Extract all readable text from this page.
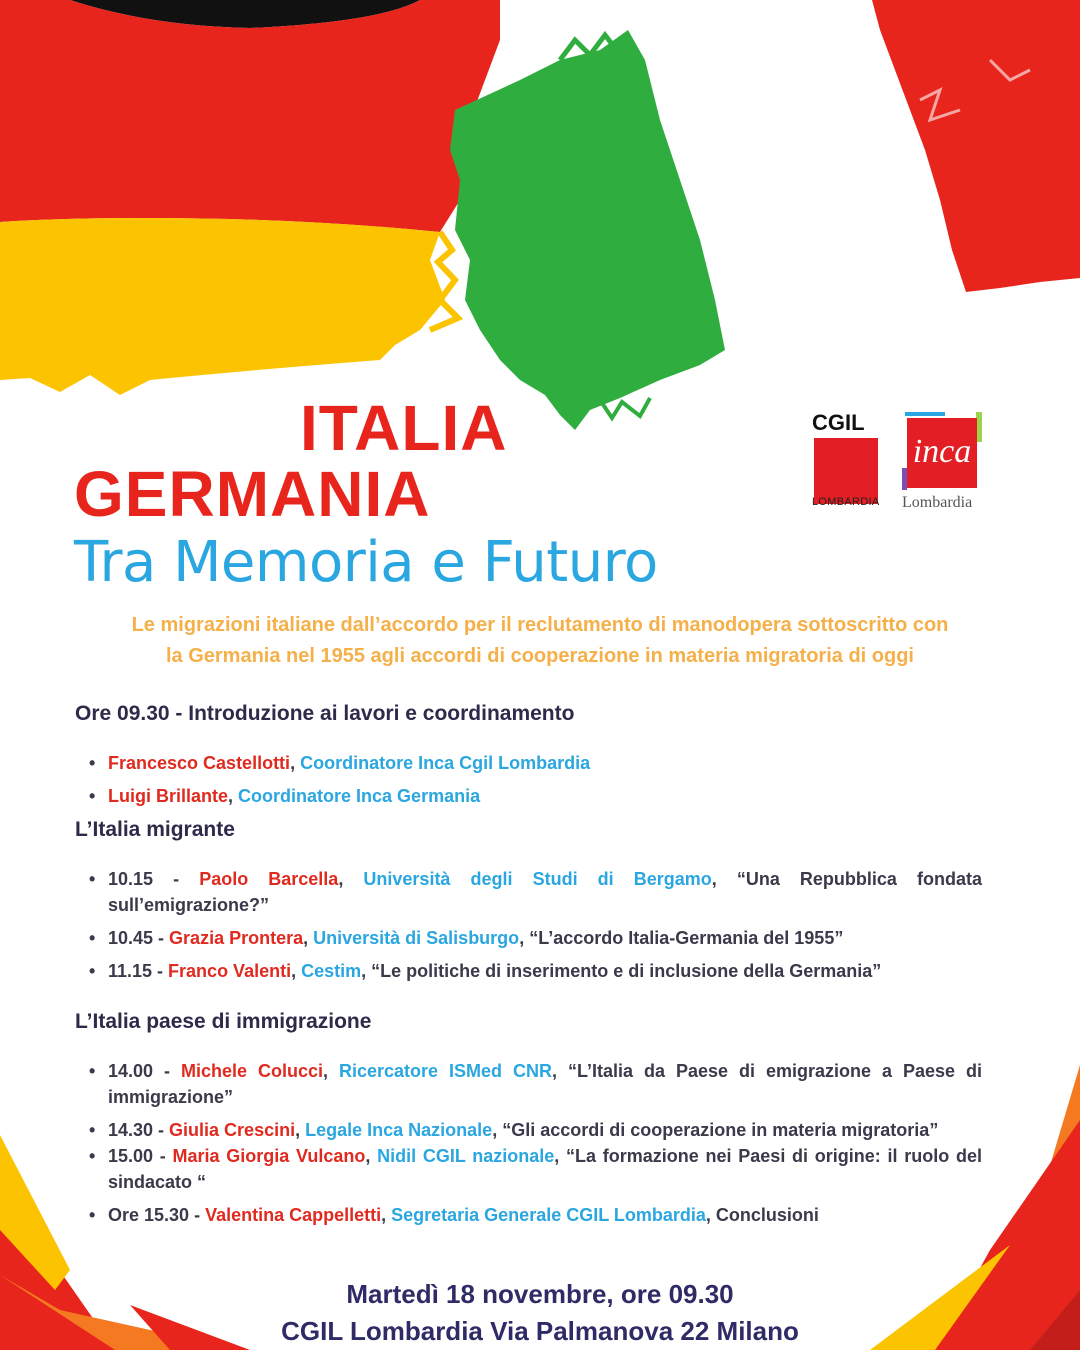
ITALIA
GERMANIA
Tra Memoria e Futuro
CGIL
LOMBARDIA
inca
Lombardia
Le migrazioni italiane dall’accordo per il reclutamento di manodopera sottoscritto con
la Germania nel 1955 agli accordi di cooperazione in materia migratoria di oggi
Ore 09.30 - Introduzione ai lavori e coordinamento
• Francesco Castellotti, Coordinatore Inca Cgil Lombardia
• Luigi Brillante, Coordinatore Inca Germania
L’Italia migrante
• 10.15 - Paolo Barcella, Università degli Studi di Bergamo, “Una Repubblica fondata sull’emigrazione?”
• 10.45 - Grazia Prontera, Università di Salisburgo, “L’accordo Italia-Germania del 1955”
• 11.15 - Franco Valenti, Cestim, “Le politiche di inserimento e di inclusione della Germania”
L’Italia paese di immigrazione
• 14.00 - Michele Colucci, Ricercatore ISMed CNR, “L’Italia da Paese di emigrazione a Paese di immigrazione”
• 14.30 - Giulia Crescini, Legale Inca Nazionale, “Gli accordi di cooperazione in materia migratoria”
• 15.00 - Maria Giorgia Vulcano, Nidil CGIL nazionale, “La formazione nei Paesi di origine: il ruolo del sindacato “
• Ore 15.30 - Valentina Cappelletti, Segretaria Generale CGIL Lombardia, Conclusioni
Martedì 18 novembre, ore 09.30
CGIL Lombardia Via Palmanova 22 Milano
